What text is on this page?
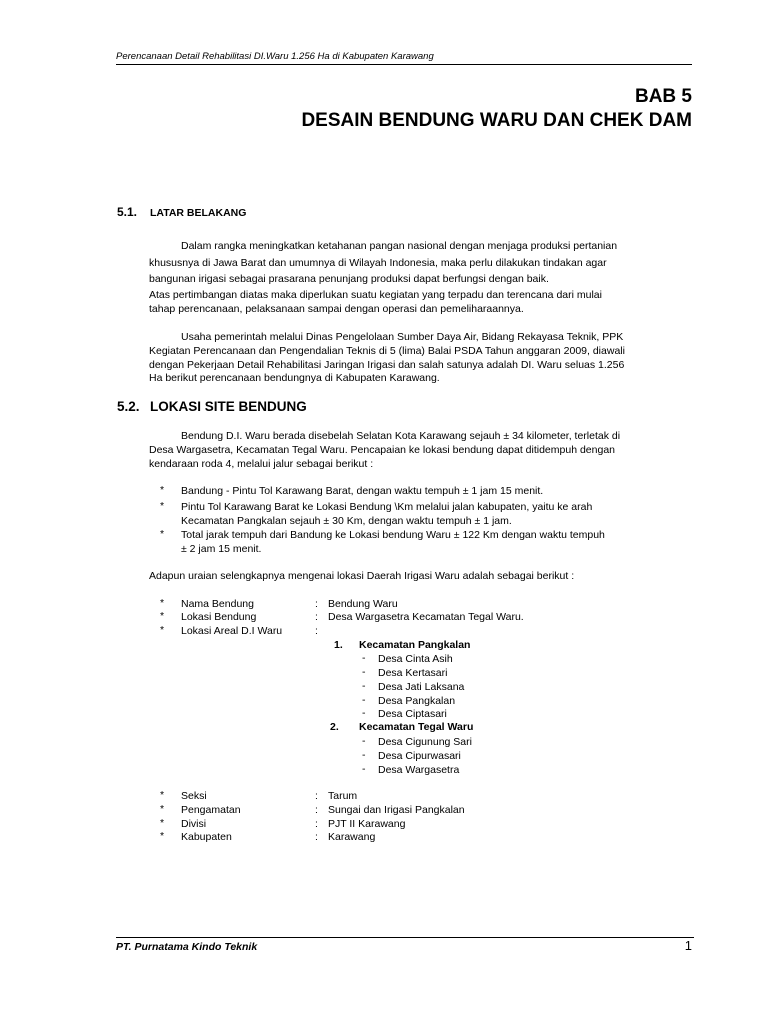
Perencanaan Detail Rehabilitasi DI.Waru 1.256 Ha di Kabupaten Karawang
BAB 5
DESAIN BENDUNG WARU DAN CHEK DAM
5.1. LATAR BELAKANG
Dalam rangka meningkatkan ketahanan pangan nasional dengan menjaga produksi pertanian
khususnya di Jawa Barat dan umumnya di Wilayah Indonesia, maka perlu dilakukan tindakan agar
bangunan irigasi sebagai prasarana penunjang produksi dapat berfungsi dengan baik.
Atas pertimbangan diatas maka diperlukan suatu kegiatan yang terpadu dan terencana dari mulai
tahap perencanaan, pelaksanaan sampai dengan operasi dan pemeliharaannya.
Usaha pemerintah melalui Dinas Pengelolaan Sumber Daya Air, Bidang Rekayasa Teknik, PPK
Kegiatan Perencanaan dan Pengendalian Teknis di 5 (lima) Balai PSDA Tahun anggaran 2009, diawali
dengan Pekerjaan Detail Rehabilitasi Jaringan Irigasi dan salah satunya adalah DI. Waru seluas 1.256
Ha berikut perencanaan bendungnya di Kabupaten Karawang.
5.2. LOKASI SITE BENDUNG
Bendung D.I. Waru berada disebelah Selatan Kota Karawang sejauh ± 34 kilometer, terletak di
Desa Wargasetra, Kecamatan Tegal Waru. Pencapaian ke lokasi bendung dapat ditidempuh dengan
kendaraan roda 4, melalui jalur sebagai berikut :
* Bandung - Pintu Tol Karawang Barat, dengan waktu tempuh ± 1 jam 15 menit.
* Pintu Tol Karawang Barat ke Lokasi Bendung \Km melalui jalan kabupaten, yaitu ke arah
Kecamatan Pangkalan sejauh ± 30 Km, dengan waktu tempuh ± 1 jam.
* Total jarak tempuh dari Bandung ke Lokasi bendung Waru ± 122 Km dengan waktu tempuh
± 2 jam 15 menit.
Adapun uraian selengkapnya mengenai lokasi Daerah Irigasi Waru adalah sebagai berikut :
* Nama Bendung	: Bendung Waru
* Lokasi Bendung	: Desa Wargasetra Kecamatan Tegal Waru.
* Lokasi Areal D.I Waru	:
1. Kecamatan Pangkalan
- Desa Cinta Asih
- Desa Kertasari
- Desa Jati Laksana
- Desa Pangkalan
- Desa Ciptasari
2. Kecamatan Tegal Waru
- Desa Cigunung Sari
- Desa Cipurwasari
- Desa Wargasetra
* Seksi	: Tarum
* Pengamatan	: Sungai dan Irigasi Pangkalan
* Divisi	: PJT II Karawang
* Kabupaten	: Karawang
PT. Purnatama Kindo Teknik	1
